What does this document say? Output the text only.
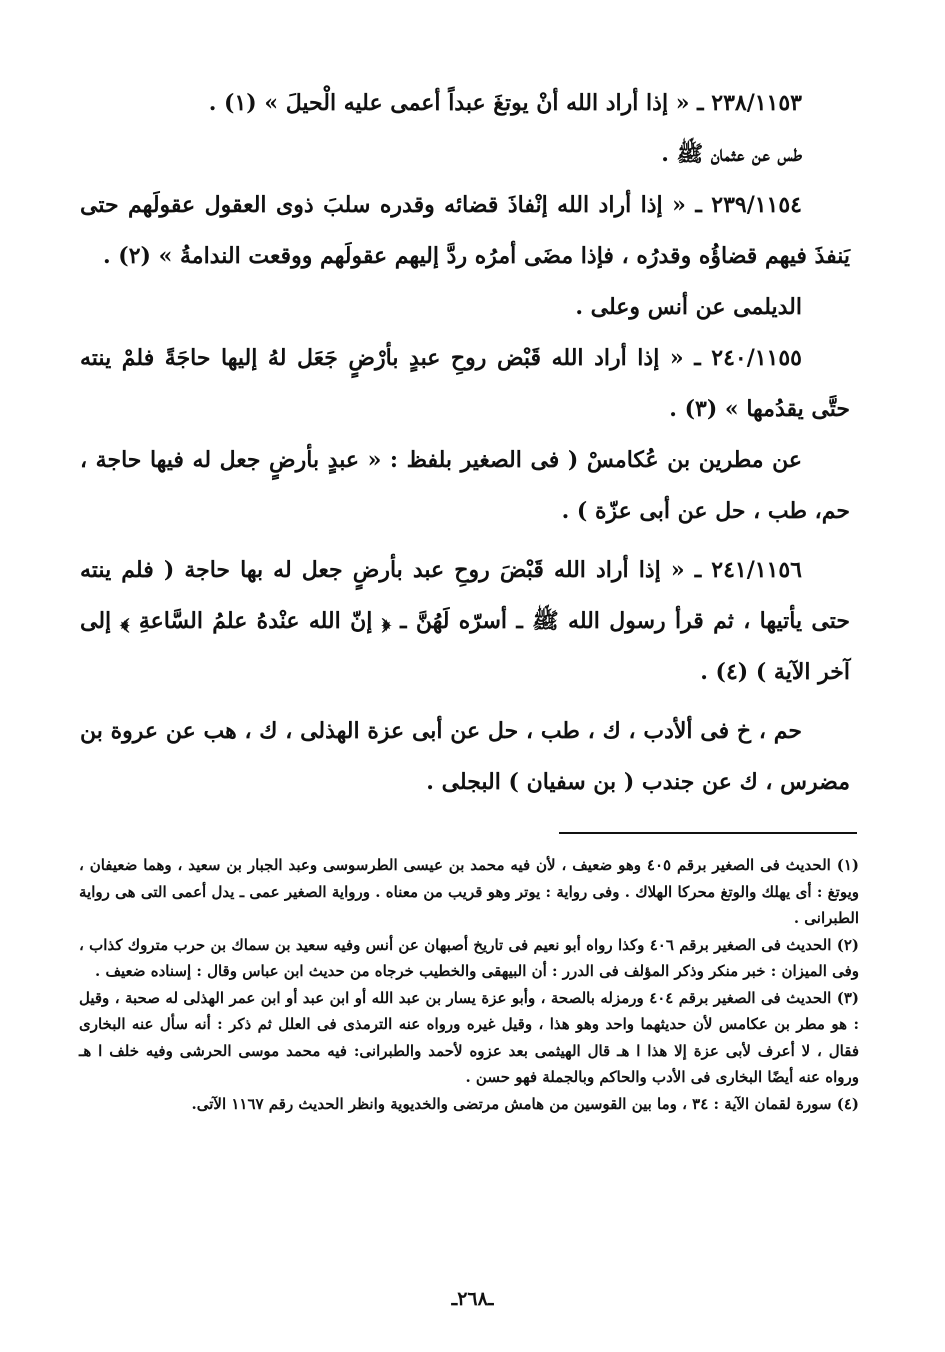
٢٣٨/١١٥٣ ـ « إذا أراد الله أنْ يوتغَ عبداً أعمى عليه الْحيلَ » (١) .

طس عن عثمان ﷺ .

٢٣٩/١١٥٤ ـ « إذا أراد الله إنْفاذَ قضائه وقدره سلبَ ذوى العقول عقولَهم حتى يَنفذَ فيهم قضاؤُه وقدرُه ، فإذا مضَى أمرُه ردَّ إليهم عقولَهم ووقعت الندامةُ » (٢) .

الديلمى عن أنس وعلى .

٢٤٠/١١٥٥ ـ « إذا أراد الله قَبْض روحِ عبدٍ بأرْضٍ جَعَل لهُ إليها حاجَةً فلمْ ينته حتَّى يقدُمها » (٣) .

عن مطرين بن عُكامسْ ( فى الصغير بلفظ : « عبدٍ بأرضٍ جعل له فيها حاجة ، حم، طب ، حل عن أبى عزّة ) .

٢٤١/١١٥٦ ـ « إذا أراد الله قَبْضَ روحِ عبد بأرضٍ جعل له بها حاجة ( فلم ينته حتى يأتيها ، ثم قرأ رسول الله ﷺ ـ أسرّه لَهُنَّ ـ ﴿ إنّ الله عنْدهُ علمُ السَّاعةِ ﴾ إلى آخر الآية ) (٤) .

حم ، خ فى ألأدب ، ك ، طب ، حل عن أبى عزة الهذلى ، ك ، هب عن عروة بن مضرس ، ك عن جندب ( بن سفيان ) البجلى .

(١) الحديث فى الصغير برقم ٤٠٥ وهو ضعيف ، لأن فيه محمد بن عيسى الطرسوسى وعبد الجبار بن سعيد ، وهما ضعيفان ، ويوتغ : أى يهلك والوتغ محركا الهلاك . وفى رواية : يوتر وهو قريب من معناه . ورواية الصغير عمى ـ يدل أعمى التى هى رواية الطبرانى .

(٢) الحديث فى الصغير برقم ٤٠٦ وكذا رواه أبو نعيم فى تاريخ أصبهان عن أنس وفيه سعيد بن سماك بن حرب متروك كذاب ، وفى الميزان : خبر منكر وذكر المؤلف فى الدرر : أن البيهقى والخطيب خرجاه من حديث ابن عباس وقال : إسناده ضعيف .

(٣) الحديث فى الصغير برقم ٤٠٤ ورمزله بالصحة ، وأبو عزة يسار بن عبد الله أو ابن عبد أو ابن عمر الهذلى له صحبة ، وقيل : هو مطر بن عكامس لأن حديثهما واحد وهو هذا ، وقيل غيره ورواه عنه الترمذى فى العلل ثم ذكر : أنه سأل عنه البخارى فقال ، لا أعرف لأبى عزة إلا هذا ا هـ قال الهيثمى بعد عزوه لأحمد والطبرانى: فيه محمد موسى الحرشى وفيه خلف ا هـ ورواه عنه أيضًا البخارى فى الأدب والحاكم وبالجملة فهو حسن .

(٤) سورة لقمان الآية : ٣٤ ، وما بين القوسين من هامش مرتضى والخديوية وانظر الحديث رقم ١١٦٧ الآتى.

ـ٢٦٨ـ
